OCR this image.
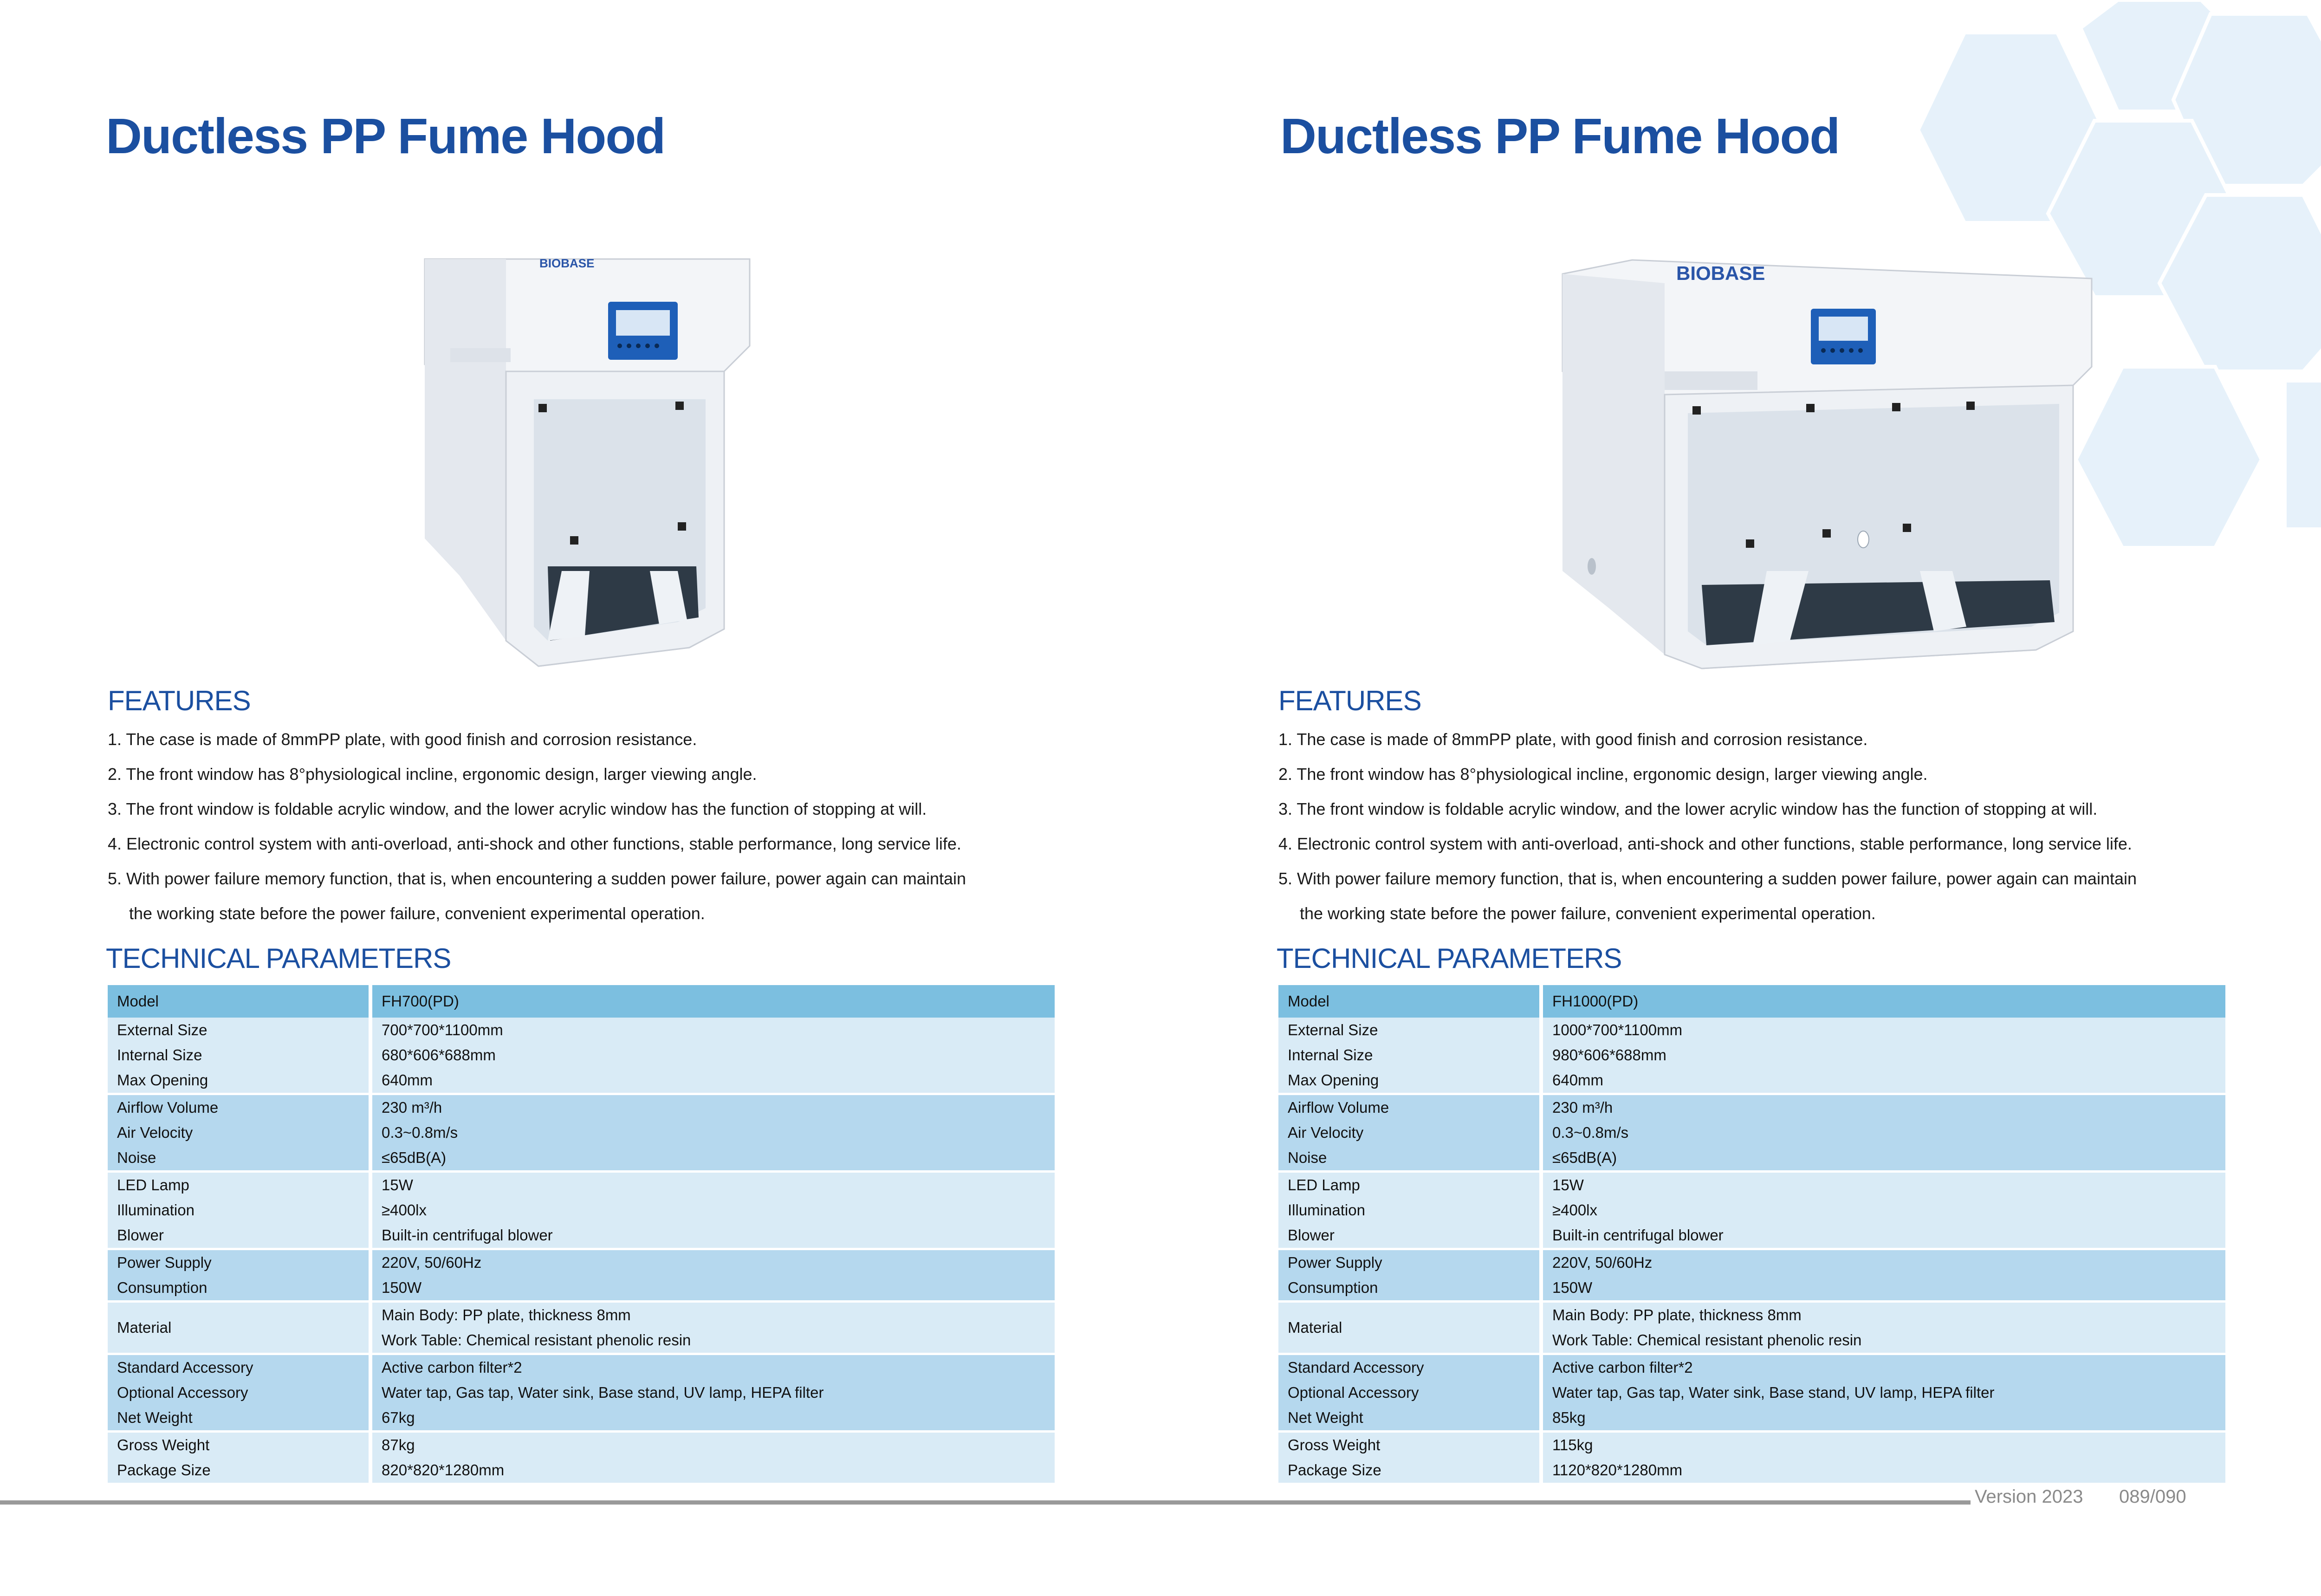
Ductless PP Fume Hood
BIOBASE
FEATURES
1. The case is made of 8mmPP plate, with good finish and corrosion resistance.
2. The front window has 8°physiological incline, ergonomic design, larger viewing angle.
3. The front window is foldable acrylic window, and the lower acrylic window has the function of stopping at will.
4. Electronic control system with anti-overload, anti-shock and other functions, stable performance, long service life.
5. With power failure memory function, that is, when encountering a sudden power failure, power again can maintain
the working state before the power failure, convenient experimental operation.
TECHNICAL PARAMETERS
Model	FH700(PD)
External Size	700*700*1100mm
Internal Size	680*606*688mm
Max Opening	640mm
Airflow Volume	230 m³/h
Air Velocity	0.3~0.8m/s
Noise	≤65dB(A)
LED Lamp	15W
Illumination	≥400lx
Blower	Built-in centrifugal blower
Power Supply	220V, 50/60Hz
Consumption	150W
Material	Main Body: PP plate, thickness 8mm
Work Table: Chemical resistant phenolic resin

Standard Accessory	Active carbon filter*2
Optional Accessory	Water tap, Gas tap, Water sink, Base stand, UV lamp, HEPA filter
Net Weight	67kg
Gross Weight	87kg
Package Size	820*820*1280mm
Ductless PP Fume Hood
BIOBASE
FEATURES
1. The case is made of 8mmPP plate, with good finish and corrosion resistance.
2. The front window has 8°physiological incline, ergonomic design, larger viewing angle.
3. The front window is foldable acrylic window, and the lower acrylic window has the function of stopping at will.
4. Electronic control system with anti-overload, anti-shock and other functions, stable performance, long service life.
5. With power failure memory function, that is, when encountering a sudden power failure, power again can maintain
the working state before the power failure, convenient experimental operation.
TECHNICAL PARAMETERS
Model	FH1000(PD)
External Size	1000*700*1100mm
Internal Size	980*606*688mm
Max Opening	640mm
Airflow Volume	230 m³/h
Air Velocity	0.3~0.8m/s
Noise	≤65dB(A)
LED Lamp	15W
Illumination	≥400lx
Blower	Built-in centrifugal blower
Power Supply	220V, 50/60Hz
Consumption	150W
Material	Main Body: PP plate, thickness 8mm
Work Table: Chemical resistant phenolic resin

Standard Accessory	Active carbon filter*2
Optional Accessory	Water tap, Gas tap, Water sink, Base stand, UV lamp, HEPA filter
Net Weight	85kg
Gross Weight	115kg
Package Size	1120*820*1280mm
Version 2023 089/090
